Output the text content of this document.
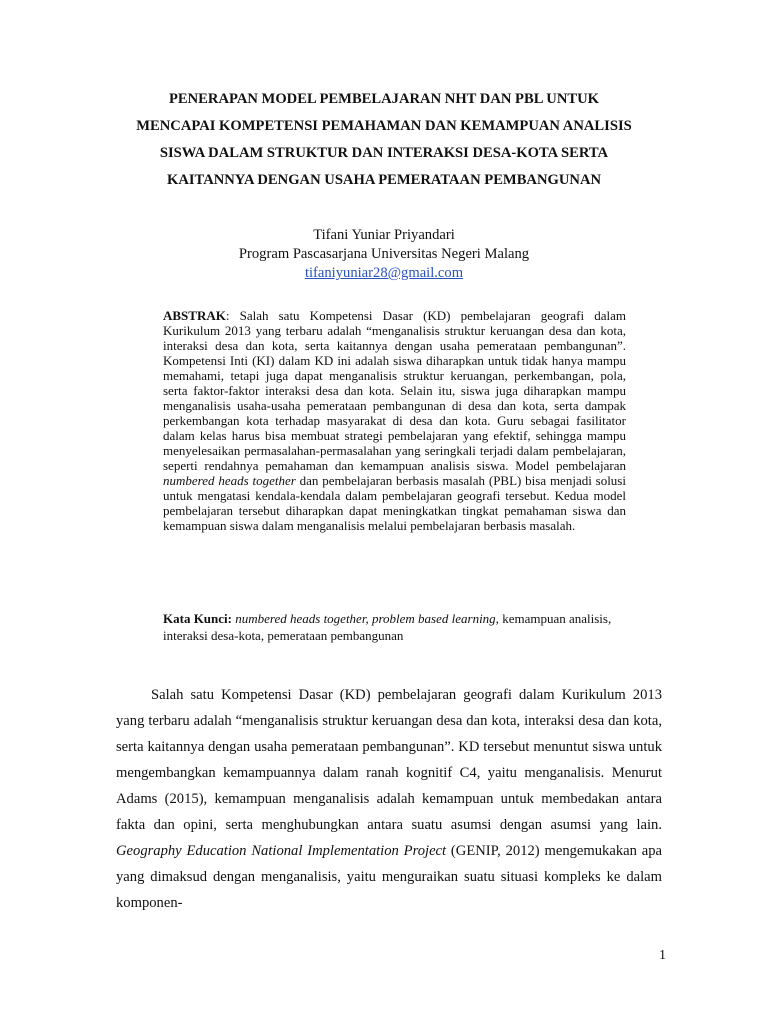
PENERAPAN MODEL PEMBELAJARAN NHT DAN PBL UNTUK
MENCAPAI KOMPETENSI PEMAHAMAN DAN KEMAMPUAN ANALISIS
SISWA DALAM STRUKTUR DAN INTERAKSI DESA-KOTA SERTA
KAITANNYA DENGAN USAHA PEMERATAAN PEMBANGUNAN
Tifani Yuniar Priyandari
Program Pascasarjana Universitas Negeri Malang
tifaniyuniar28@gmail.com
ABSTRAK: Salah satu Kompetensi Dasar (KD) pembelajaran geografi dalam Kurikulum 2013 yang terbaru adalah “menganalisis struktur keruangan desa dan kota, interaksi desa dan kota, serta kaitannya dengan usaha pemerataan pembangunan”. Kompetensi Inti (KI) dalam KD ini adalah siswa diharapkan untuk tidak hanya mampu memahami, tetapi juga dapat menganalisis struktur keruangan, perkembangan, pola, serta faktor-faktor interaksi desa dan kota. Selain itu, siswa juga diharapkan mampu menganalisis usaha-usaha pemerataan pembangunan di desa dan kota, serta dampak perkembangan kota terhadap masyarakat di desa dan kota. Guru sebagai fasilitator dalam kelas harus bisa membuat strategi pembelajaran yang efektif, sehingga mampu menyelesaikan permasalahan-permasalahan yang seringkali terjadi dalam pembelajaran, seperti rendahnya pemahaman dan kemampuan analisis siswa. Model pembelajaran numbered heads together dan pembelajaran berbasis masalah (PBL) bisa menjadi solusi untuk mengatasi kendala-kendala dalam pembelajaran geografi tersebut. Kedua model pembelajaran tersebut diharapkan dapat meningkatkan tingkat pemahaman siswa dan kemampuan siswa dalam menganalisis melalui pembelajaran berbasis masalah.
Kata Kunci: numbered heads together, problem based learning, kemampuan analisis, interaksi desa-kota, pemerataan pembangunan

Salah satu Kompetensi Dasar (KD) pembelajaran geografi dalam Kurikulum 2013 yang terbaru adalah “menganalisis struktur keruangan desa dan kota, interaksi desa dan kota, serta kaitannya dengan usaha pemerataan pembangunan”. KD tersebut menuntut siswa untuk mengembangkan kemampuannya dalam ranah kognitif C4, yaitu menganalisis. Menurut Adams (2015), kemampuan menganalisis adalah kemampuan untuk membedakan antara fakta dan opini, serta menghubungkan antara suatu asumsi dengan asumsi yang lain. Geography Education National Implementation Project (GENIP, 2012) mengemukakan apa yang dimaksud dengan menganalisis, yaitu menguraikan suatu situasi kompleks ke dalam komponen-

1
